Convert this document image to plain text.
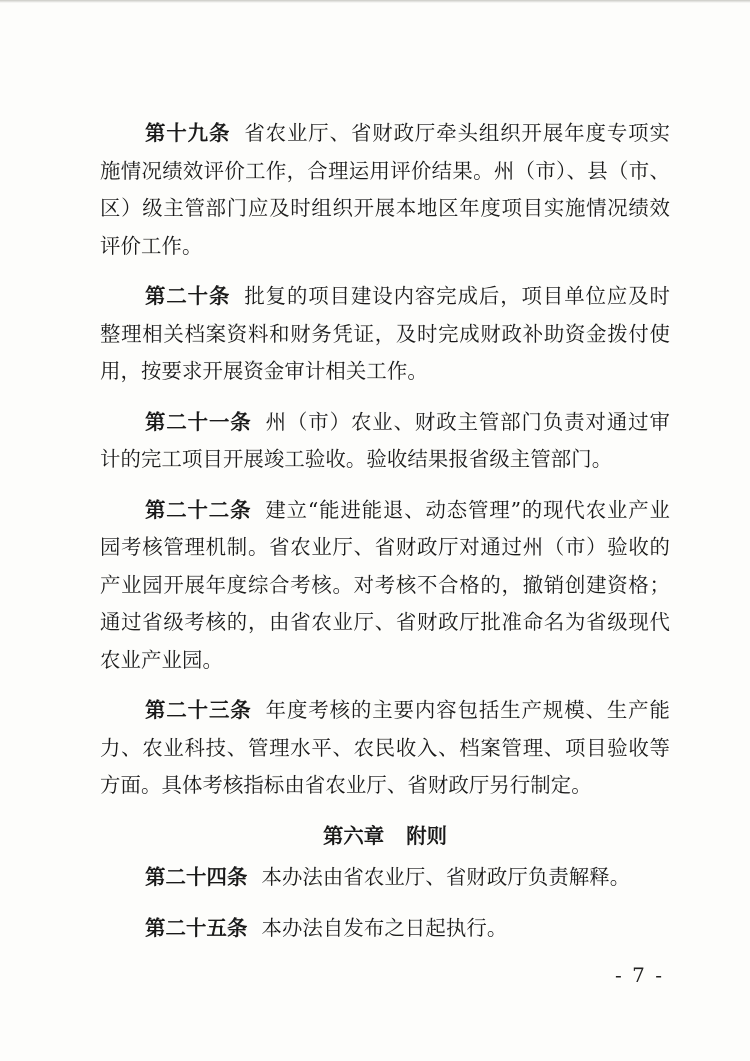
第十九条 省农业厅、省财政厅牵头组织开展年度专项实施情况绩效评价工作，合理运用评价结果。州（市）、县（市、区）级主管部门应及时组织开展本地区年度项目实施情况绩效评价工作。

第二十条 批复的项目建设内容完成后，项目单位应及时整理相关档案资料和财务凭证，及时完成财政补助资金拨付使用，按要求开展资金审计相关工作。

第二十一条 州（市）农业、财政主管部门负责对通过审计的完工项目开展竣工验收。验收结果报省级主管部门。

第二十二条 建立“能进能退、动态管理”的现代农业产业园考核管理机制。省农业厅、省财政厅对通过州（市）验收的产业园开展年度综合考核。对考核不合格的，撤销创建资格；通过省级考核的，由省农业厅、省财政厅批准命名为省级现代农业产业园。

第二十三条 年度考核的主要内容包括生产规模、生产能力、农业科技、管理水平、农民收入、档案管理、项目验收等方面。具体考核指标由省农业厅、省财政厅另行制定。

第六章 附则

第二十四条 本办法由省农业厅、省财政厅负责解释。

第二十五条 本办法自发布之日起执行。

- 7 -
